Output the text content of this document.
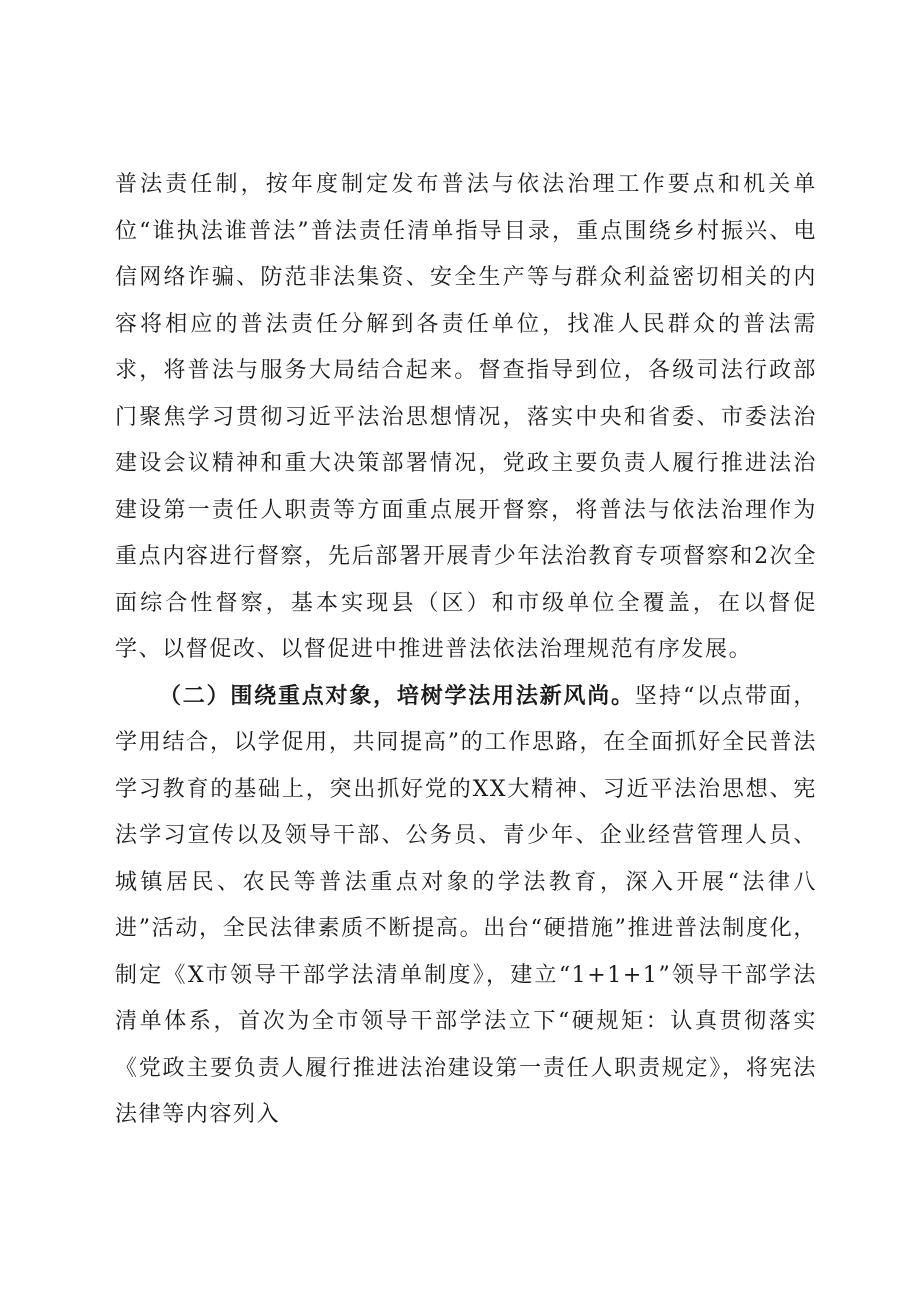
普法责任制，按年度制定发布普法与依法治理工作要点和机关单位“谁执法谁普法”普法责任清单指导目录，重点围绕乡村振兴、电信网络诈骗、防范非法集资、安全生产等与群众利益密切相关的内容将相应的普法责任分解到各责任单位，找准人民群众的普法需求，将普法与服务大局结合起来。督查指导到位，各级司法行政部门聚焦学习贯彻习近平法治思想情况，落实中央和省委、市委法治建设会议精神和重大决策部署情况，党政主要负责人履行推进法治建设第一责任人职责等方面重点展开督察，将普法与依法治理作为重点内容进行督察，先后部署开展青少年法治教育专项督察和2次全面综合性督察，基本实现县（区）和市级单位全覆盖，在以督促学、以督促改、以督促进中推进普法依法治理规范有序发展。

（二）围绕重点对象，培树学法用法新风尚。坚持“以点带面，学用结合，以学促用，共同提高”的工作思路，在全面抓好全民普法学习教育的基础上，突出抓好党的XX大精神、习近平法治思想、宪法学习宣传以及领导干部、公务员、青少年、企业经营管理人员、城镇居民、农民等普法重点对象的学法教育，深入开展“法律八进”活动，全民法律素质不断提高。出台“硬措施”推进普法制度化，制定《X市领导干部学法清单制度》，建立“1+1+1”领导干部学法清单体系，首次为全市领导干部学法立下“硬规矩：认真贯彻落实《党政主要负责人履行推进法治建设第一责任人职责规定》，将宪法法律等内容列入
